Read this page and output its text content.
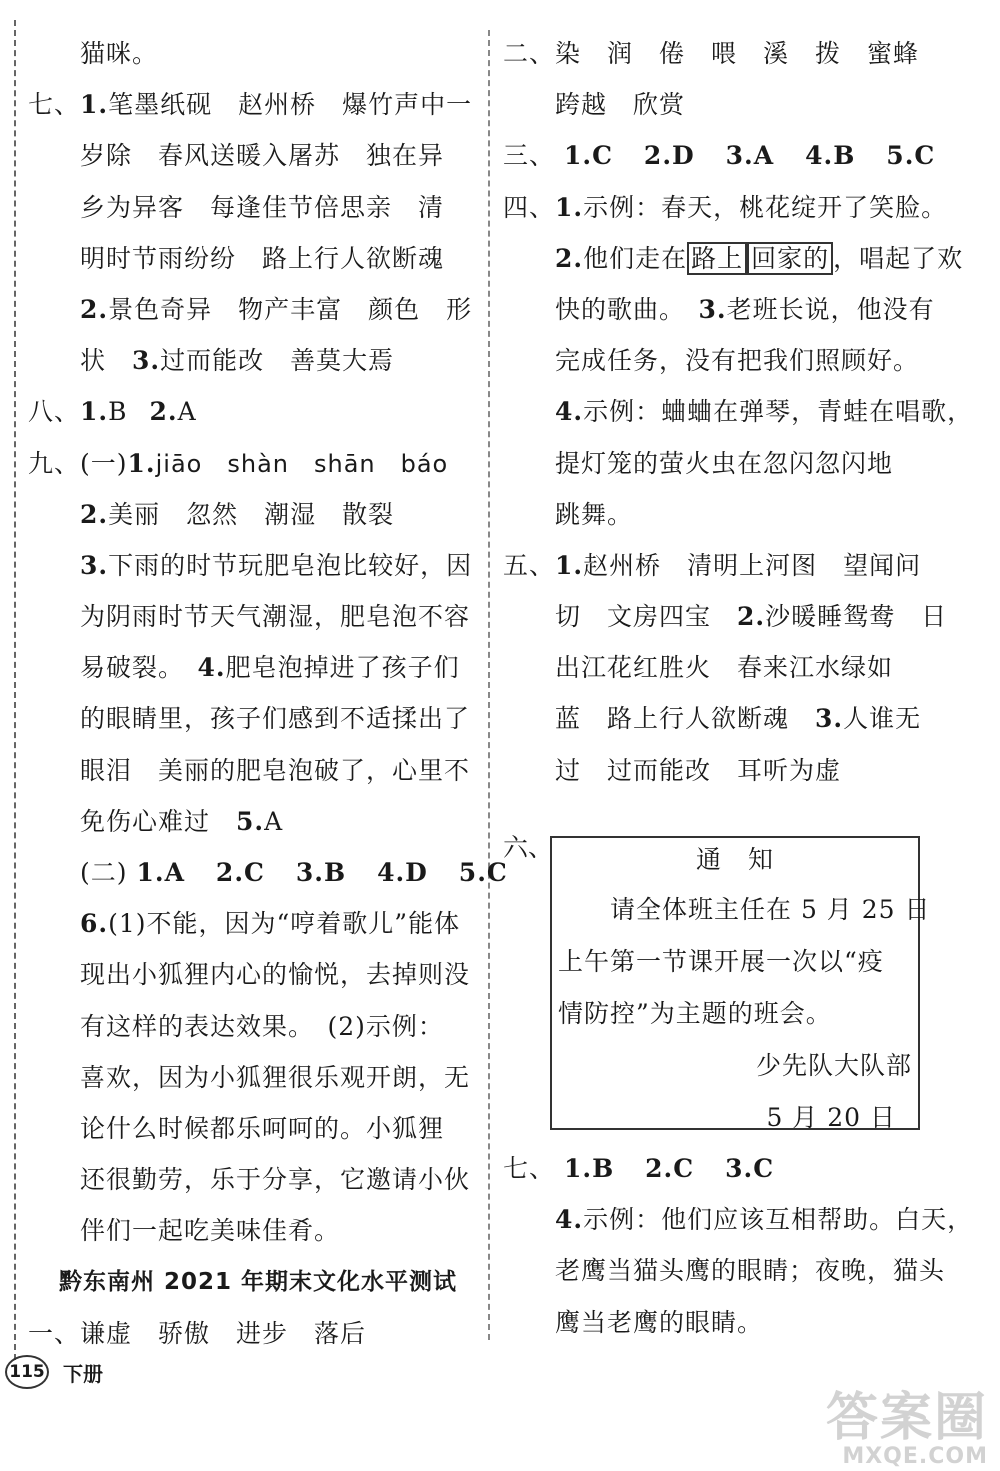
猫咪。
七、1.笔墨纸砚　赵州桥　爆竹声中一
岁除　春风送暖入屠苏　独在异
乡为异客　每逢佳节倍思亲　清
明时节雨纷纷　路上行人欲断魂
2.景色奇异　物产丰富　颜色　形
状　3.过而能改　善莫大焉
八、1.B 2.A
九、(一)1.jiāo　shàn　shān　báo
2.美丽　忽然　潮湿　散裂
3.下雨的时节玩肥皂泡比较好，因
为阴雨时节天气潮湿，肥皂泡不容
易破裂。　4.肥皂泡掉进了孩子们
的眼睛里，孩子们感到不适揉出了
眼泪　美丽的肥皂泡破了，心里不
免伤心难过　5.A
(二) 1.A 2.C 3.B 4.D 5.C
6.(1)不能，因为“哼着歌儿”能体
现出小狐狸内心的愉悦，去掉则没
有这样的表达效果。　(2)示例：
喜欢，因为小狐狸很乐观开朗，无
论什么时候都乐呵呵的。小狐狸
还很勤劳，乐于分享，它邀请小伙
伴们一起吃美味佳肴。
黔东南州 2021 年期末文化水平测试
一、谦虚　骄傲　进步　落后
二、染　润　倦　喂　溪　拨　蜜蜂
跨越　欣赏
三、 1.C 2.D 3.A 4.B 5.C
四、1.示例：春天，桃花绽开了笑脸。
2.他们走在 路上 回家的 ，唱起了欢
快的歌曲。　3.老班长说，他没有
完成任务，没有把我们照顾好。
4.示例：蛐蛐在弹琴，青蛙在唱歌，
提灯笼的萤火虫在忽闪忽闪地
跳舞。
五、1.赵州桥　清明上河图　望闻问
切　文房四宝　2.沙暖睡鸳鸯　日
出江花红胜火　春来江水绿如
蓝　路上行人欲断魂　3.人谁无
过　过而能改　耳听为虚
六、	通　知
请全体班主任在 5 月 25 日
上午第一节课开展一次以“疫
情防控”为主题的班会。
少先队大队部
5 月 20 日
七、 1.B 2.C 3.C
4.示例：他们应该互相帮助。白天，
老鹰当猫头鹰的眼睛；夜晚，猫头
鹰当老鹰的眼睛。
115 下册
答案圈
MXQE.COM
